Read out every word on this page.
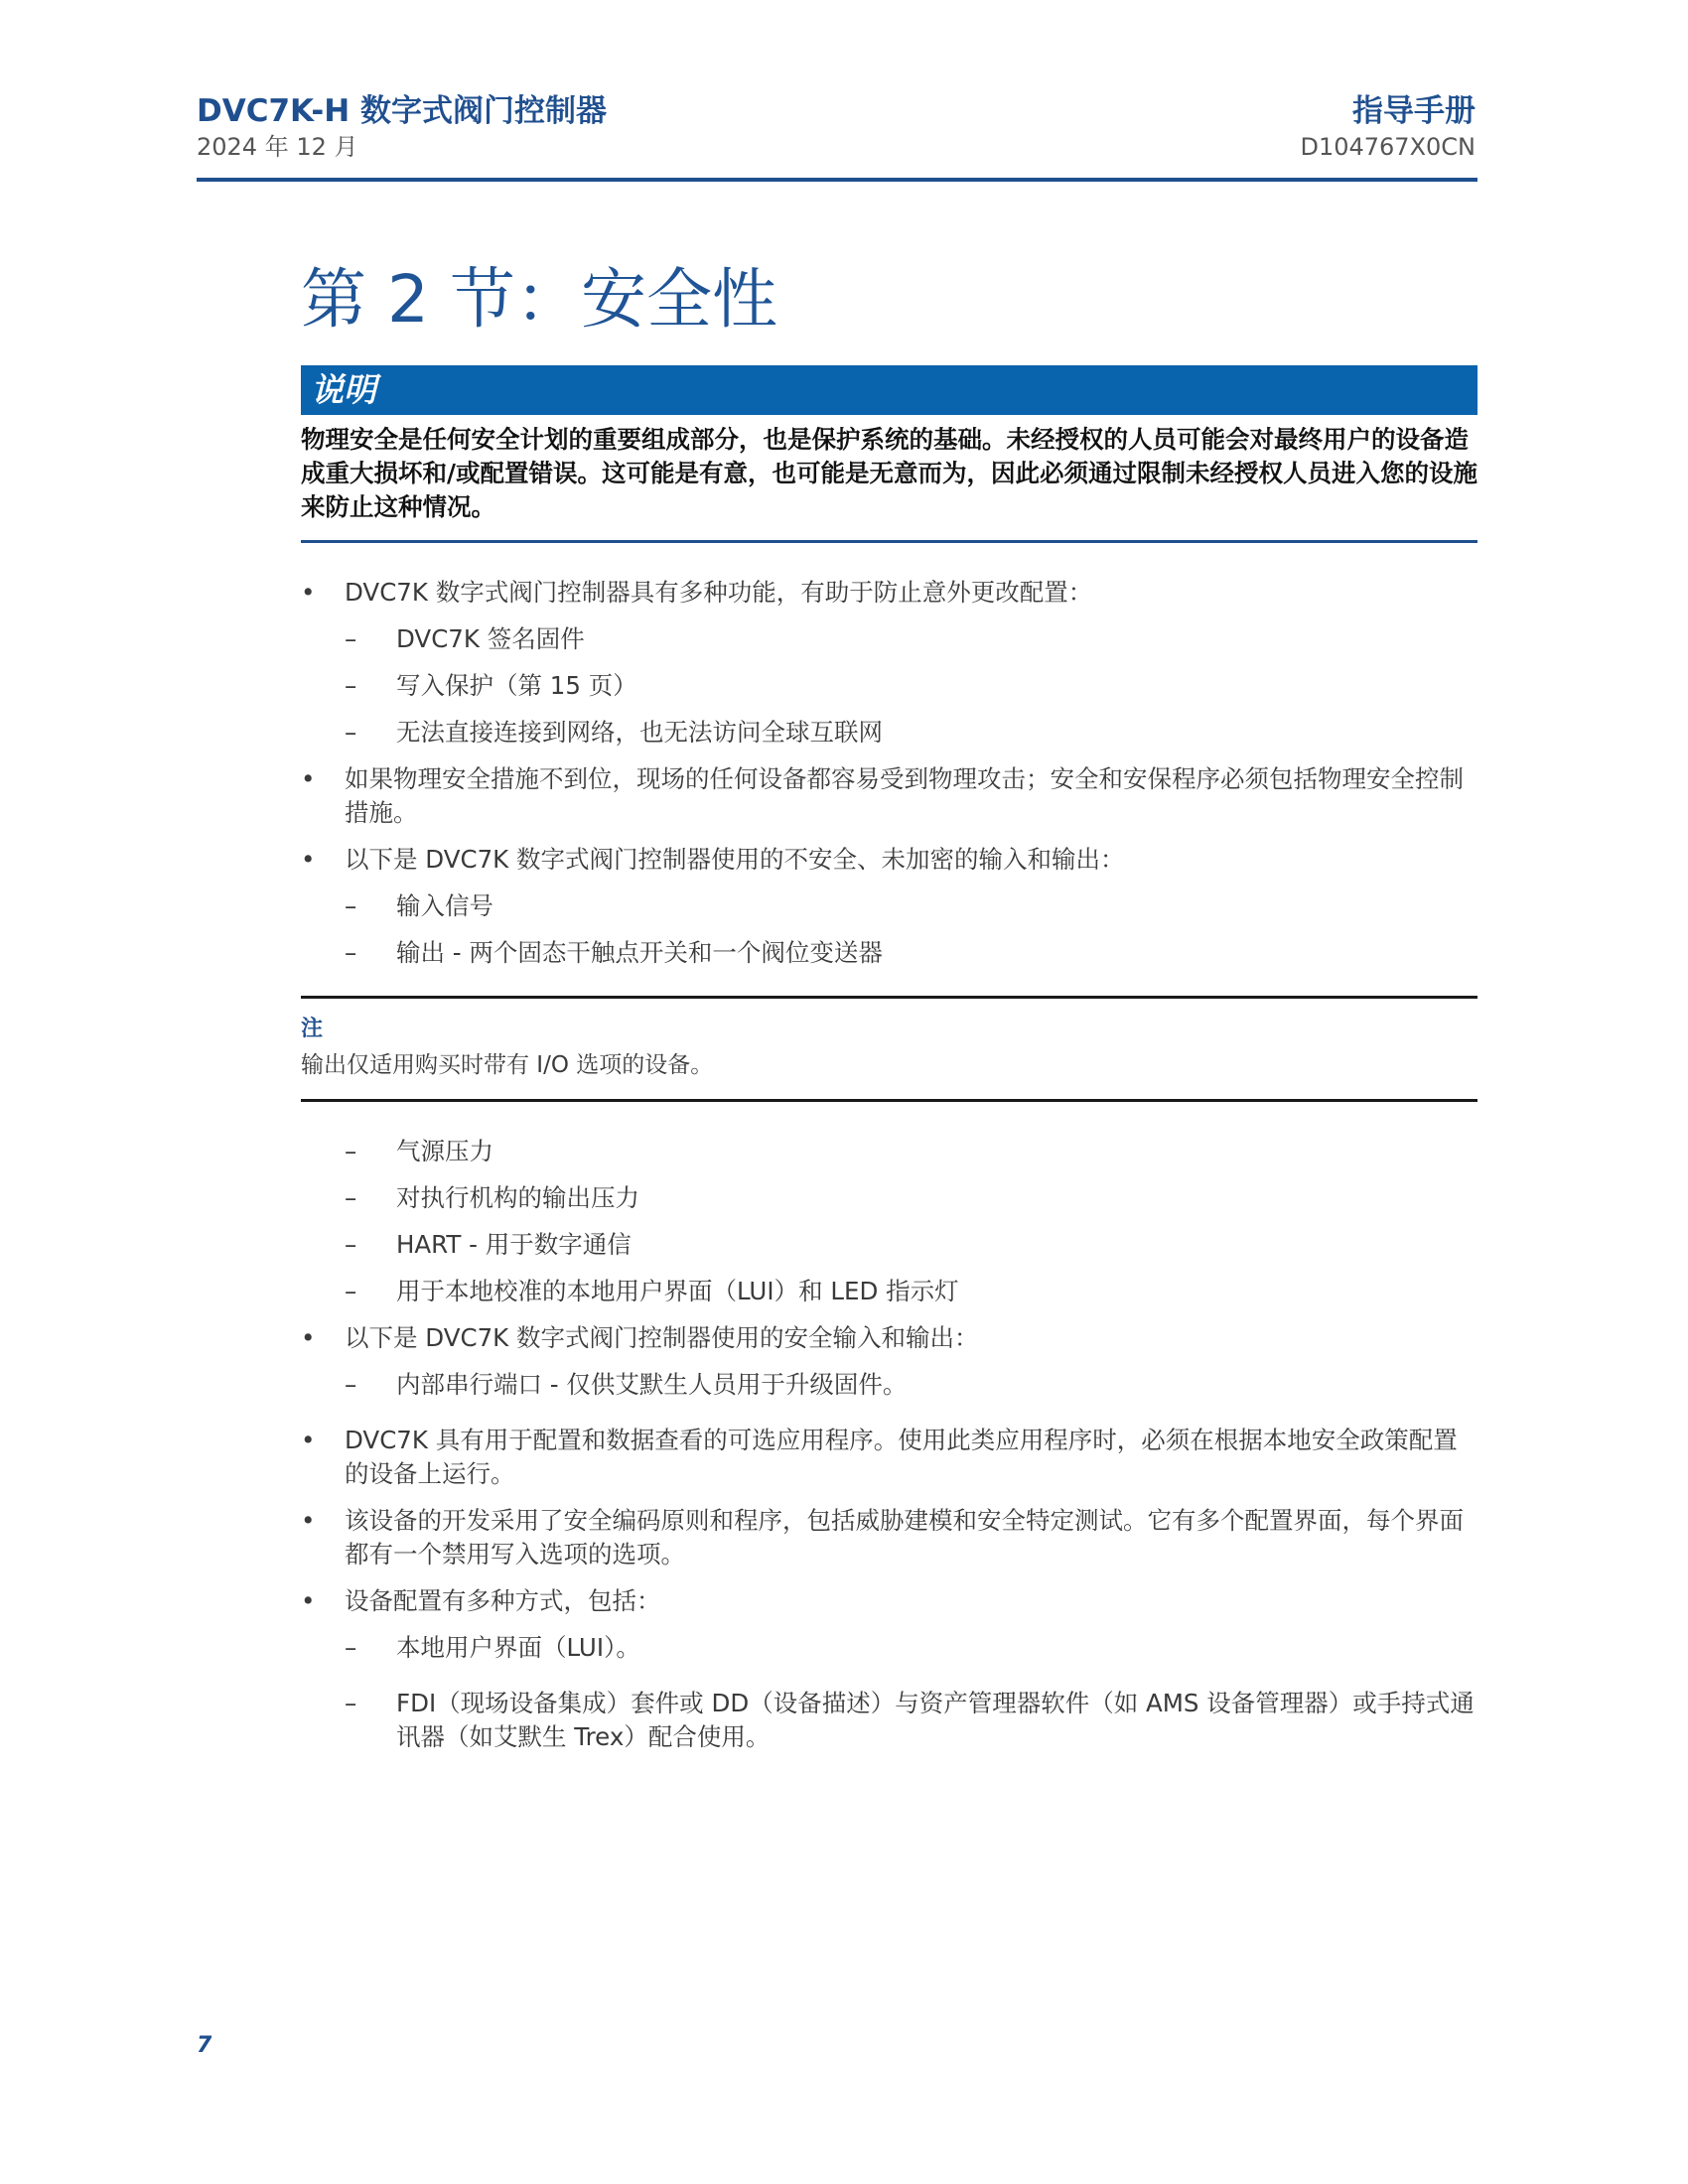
DVC7K-H 数字式阀门控制器
2024 年 12 月
指导手册
D104767X0CN
第 2 节：安全性
说明
物理安全是任何安全计划的重要组成部分，也是保护系统的基础。未经授权的人员可能会对最终用户的设备造成重大损坏和/或配置错误。这可能是有意，也可能是无意而为，因此必须通过限制未经授权人员进入您的设施来防止这种情况。
•	DVC7K 数字式阀门控制器具有多种功能，有助于防止意外更改配置：
–	DVC7K 签名固件
–	写入保护（第 15 页）
–	无法直接连接到网络，也无法访问全球互联网
•	如果物理安全措施不到位，现场的任何设备都容易受到物理攻击；安全和安保程序必须包括物理安全控制措施。
•	以下是 DVC7K 数字式阀门控制器使用的不安全、未加密的输入和输出：
–	输入信号
–	输出 - 两个固态干触点开关和一个阀位变送器
注
输出仅适用购买时带有 I/O 选项的设备。
–	气源压力
–	对执行机构的输出压力
–	HART - 用于数字通信
–	用于本地校准的本地用户界面（LUI）和 LED 指示灯
•	以下是 DVC7K 数字式阀门控制器使用的安全输入和输出：
–	内部串行端口 - 仅供艾默生人员用于升级固件。
•	DVC7K 具有用于配置和数据查看的可选应用程序。使用此类应用程序时，必须在根据本地安全政策配置的设备上运行。
•	该设备的开发采用了安全编码原则和程序，包括威胁建模和安全特定测试。它有多个配置界面，每个界面都有一个禁用写入选项的选项。
•	设备配置有多种方式，包括：
–	本地用户界面（LUI）。
–	FDI（现场设备集成）套件或 DD（设备描述）与资产管理器软件（如 AMS 设备管理器）或手持式通讯器（如艾默生 Trex）配合使用。
7
